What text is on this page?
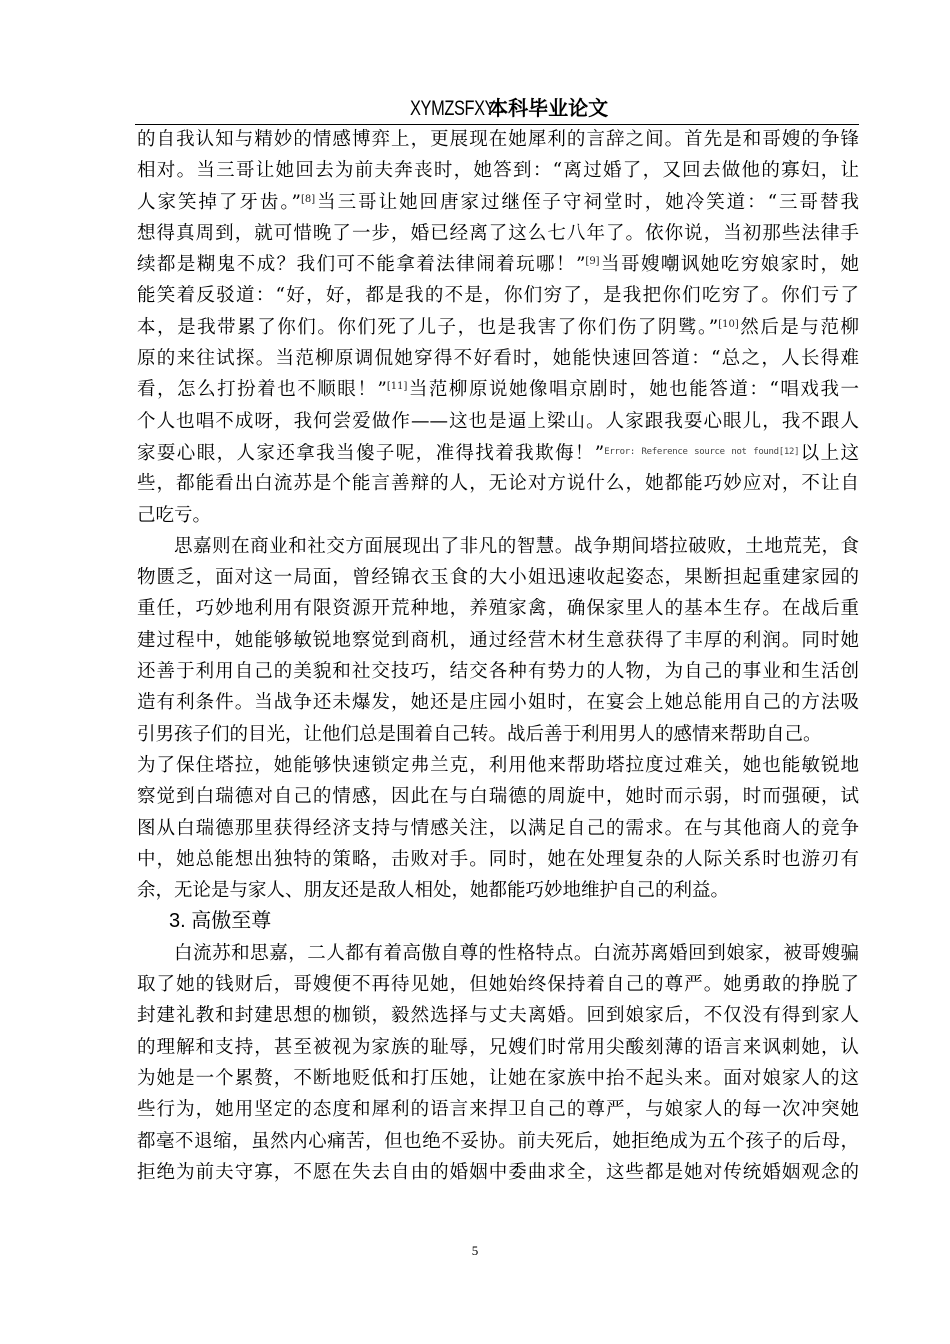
XYMZSFXY 本科毕业论文
的自我认知与精妙的情感博弈上，更展现在她犀利的言辞之间。首先是和哥嫂的争锋
相对。当三哥让她回去为前夫奔丧时，她答到：“离过婚了，又回去做他的寡妇，让
人家笑掉了牙齿。”[8]当三哥让她回唐家过继侄子守祠堂时，她冷笑道：“三哥替我
想得真周到，就可惜晚了一步，婚已经离了这么七八年了。依你说，当初那些法律手
续都是糊鬼不成？我们可不能拿着法律闹着玩哪！”[9]当哥嫂嘲讽她吃穷娘家时，她
能笑着反驳道：“好，好，都是我的不是，你们穷了，是我把你们吃穷了。你们亏了
本，是我带累了你们。你们死了儿子，也是我害了你们伤了阴骘。”[10]然后是与范柳
原的来往试探。当范柳原调侃她穿得不好看时，她能快速回答道：“总之，人长得难
看，怎么打扮着也不顺眼！”[11]当范柳原说她像唱京剧时，她也能答道：“唱戏我一
个人也唱不成呀，我何尝爱做作——这也是逼上梁山。人家跟我耍心眼儿，我不跟人
家耍心眼，人家还拿我当傻子呢，准得找着我欺侮！”$^{Error: Reference source not found[12]}$以上这
些，都能看出白流苏是个能言善辩的人，无论对方说什么，她都能巧妙应对，不让自
己吃亏。
思嘉则在商业和社交方面展现出了非凡的智慧。战争期间塔拉破败，土地荒芜，食
物匮乏，面对这一局面，曾经锦衣玉食的大小姐迅速收起姿态，果断担起重建家园的
重任，巧妙地利用有限资源开荒种地，养殖家禽，确保家里人的基本生存。在战后重
建过程中，她能够敏锐地察觉到商机，通过经营木材生意获得了丰厚的利润。同时她
还善于利用自己的美貌和社交技巧，结交各种有势力的人物，为自己的事业和生活创
造有利条件。当战争还未爆发，她还是庄园小姐时，在宴会上她总能用自己的方法吸
引男孩子们的目光，让他们总是围着自己转。战后善于利用男人的感情来帮助自己。
为了保住塔拉，她能够快速锁定弗兰克，利用他来帮助塔拉度过难关，她也能敏锐地
察觉到白瑞德对自己的情感，因此在与白瑞德的周旋中，她时而示弱，时而强硬，试
图从白瑞德那里获得经济支持与情感关注，以满足自己的需求。在与其他商人的竞争
中，她总能想出独特的策略，击败对手。同时，她在处理复杂的人际关系时也游刃有
余，无论是与家人、朋友还是敌人相处，她都能巧妙地维护自己的利益。
3. 高傲至尊
白流苏和思嘉，二人都有着高傲自尊的性格特点。白流苏离婚回到娘家，被哥嫂骗
取了她的钱财后，哥嫂便不再待见她，但她始终保持着自己的尊严。她勇敢的挣脱了
封建礼教和封建思想的枷锁，毅然选择与丈夫离婚。回到娘家后，不仅没有得到家人
的理解和支持，甚至被视为家族的耻辱，兄嫂们时常用尖酸刻薄的语言来讽刺她，认
为她是一个累赘，不断地贬低和打压她，让她在家族中抬不起头来。面对娘家人的这
些行为，她用坚定的态度和犀利的语言来捍卫自己的尊严，与娘家人的每一次冲突她
都毫不退缩，虽然内心痛苦，但也绝不妥协。前夫死后，她拒绝成为五个孩子的后母，
拒绝为前夫守寡，不愿在失去自由的婚姻中委曲求全，这些都是她对传统婚姻观念的
5
